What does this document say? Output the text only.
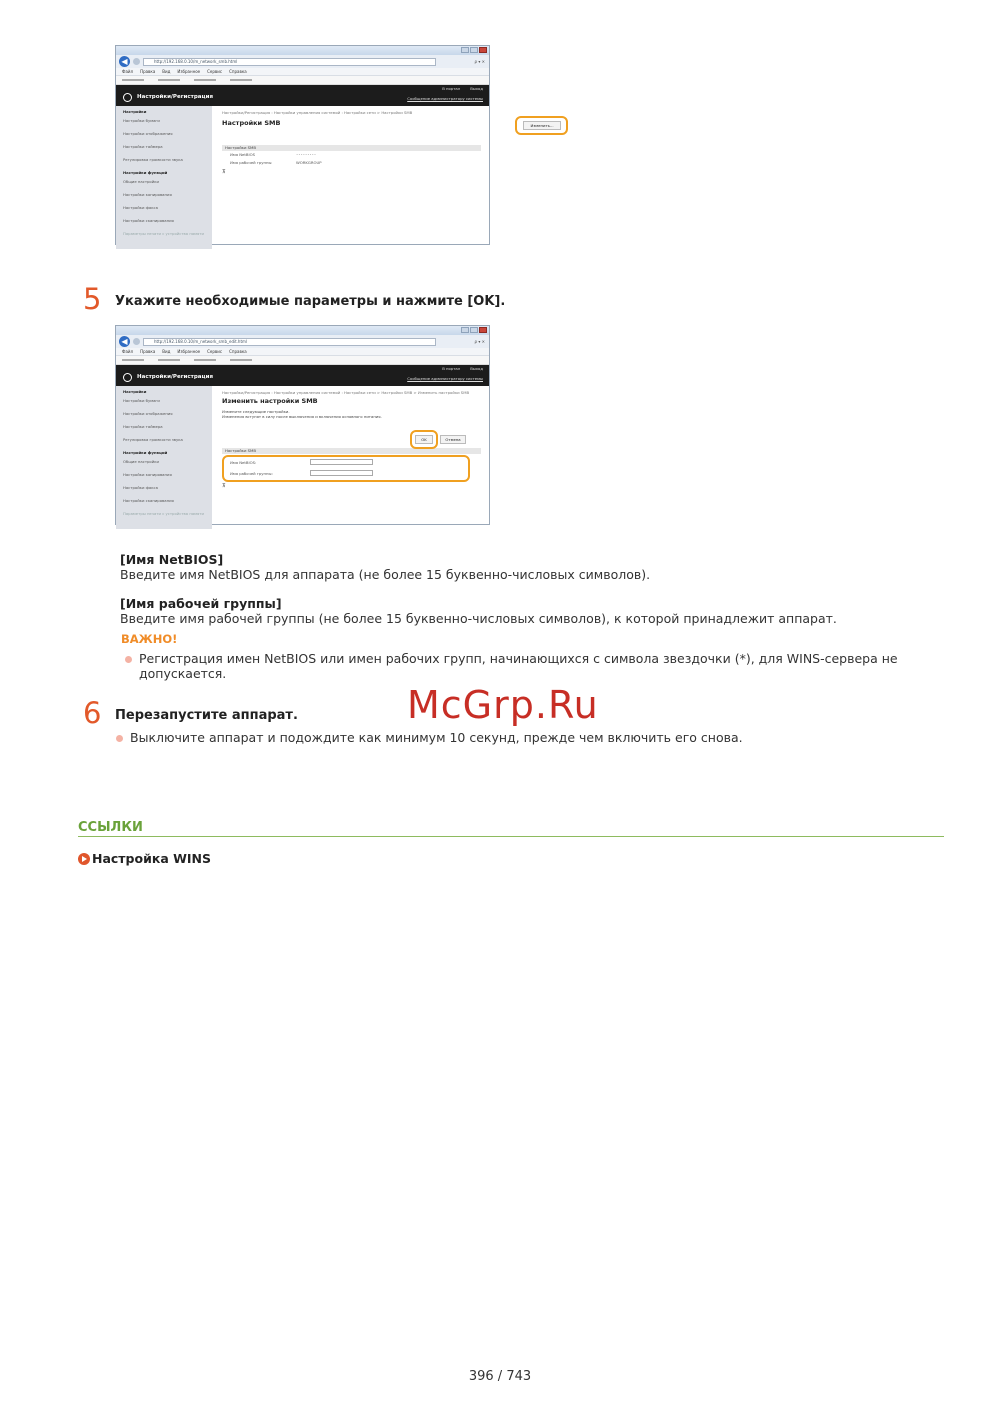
◀	http://192.168.0.10/m_network_smb.html	ρ ▾ ✕
Файл Правка Вид Избранное Сервис Справка
Настройки/Регистрация
В портал	Выход
Сообщение администратору системы
Настройки
Настройки бумаги
Настройки отображения
Настройки таймера
Регулировка громкости звука
Настройки функций
Общие настройки
Настройки копирования
Настройки факса
Настройки сканирования
Параметры печати с устройства памяти
Настройки/Регистрация : Настройки управления системой : Настройки сети > Настройки SMB
Настройки SMB	Изменить...
Настройки SMB
Имя NetBIOS	•••••••••
Имя рабочей группы	WORKGROUP
⊼
5 Укажите необходимые параметры и нажмите [OK].
◀	http://192.168.0.10/m_network_smb_edit.html	ρ ▾ ✕
Файл Правка Вид Избранное Сервис Справка
Настройки/Регистрация
В портал	Выход
Сообщение администратору системы
Настройки
Настройки бумаги
Настройки отображения
Настройки таймера
Регулировка громкости звука
Настройки функций
Общие настройки
Настройки копирования
Настройки факса
Настройки сканирования
Параметры печати с устройства памяти
Настройки/Регистрация : Настройки управления системой : Настройки сети > Настройки SMB > Изменить настройки SMB
Изменить настройки SMB
Измените следующие настройки.
Изменения вступят в силу после выключения и включения основного питания.
OK	Отмена
Настройки SMB
Имя NetBIOS:
Имя рабочей группы:
⊼
[Имя NetBIOS]
Введите имя NetBIOS для аппарата (не более 15 буквенно-числовых символов).
[Имя рабочей группы]
Введите имя рабочей группы (не более 15 буквенно-числовых символов), к которой принадлежит аппарат.
ВАЖНО!
Регистрация имен NetBIOS или имен рабочих групп, начинающихся с символа звездочки (*), для WINS-сервера не
допускается.
6 Перезапустите аппарат.
Выключите аппарат и подождите как минимум 10 секунд, прежде чем включить его снова.
McGrp.Ru
ССЫЛКИ
Настройка WINS
396 / 743
